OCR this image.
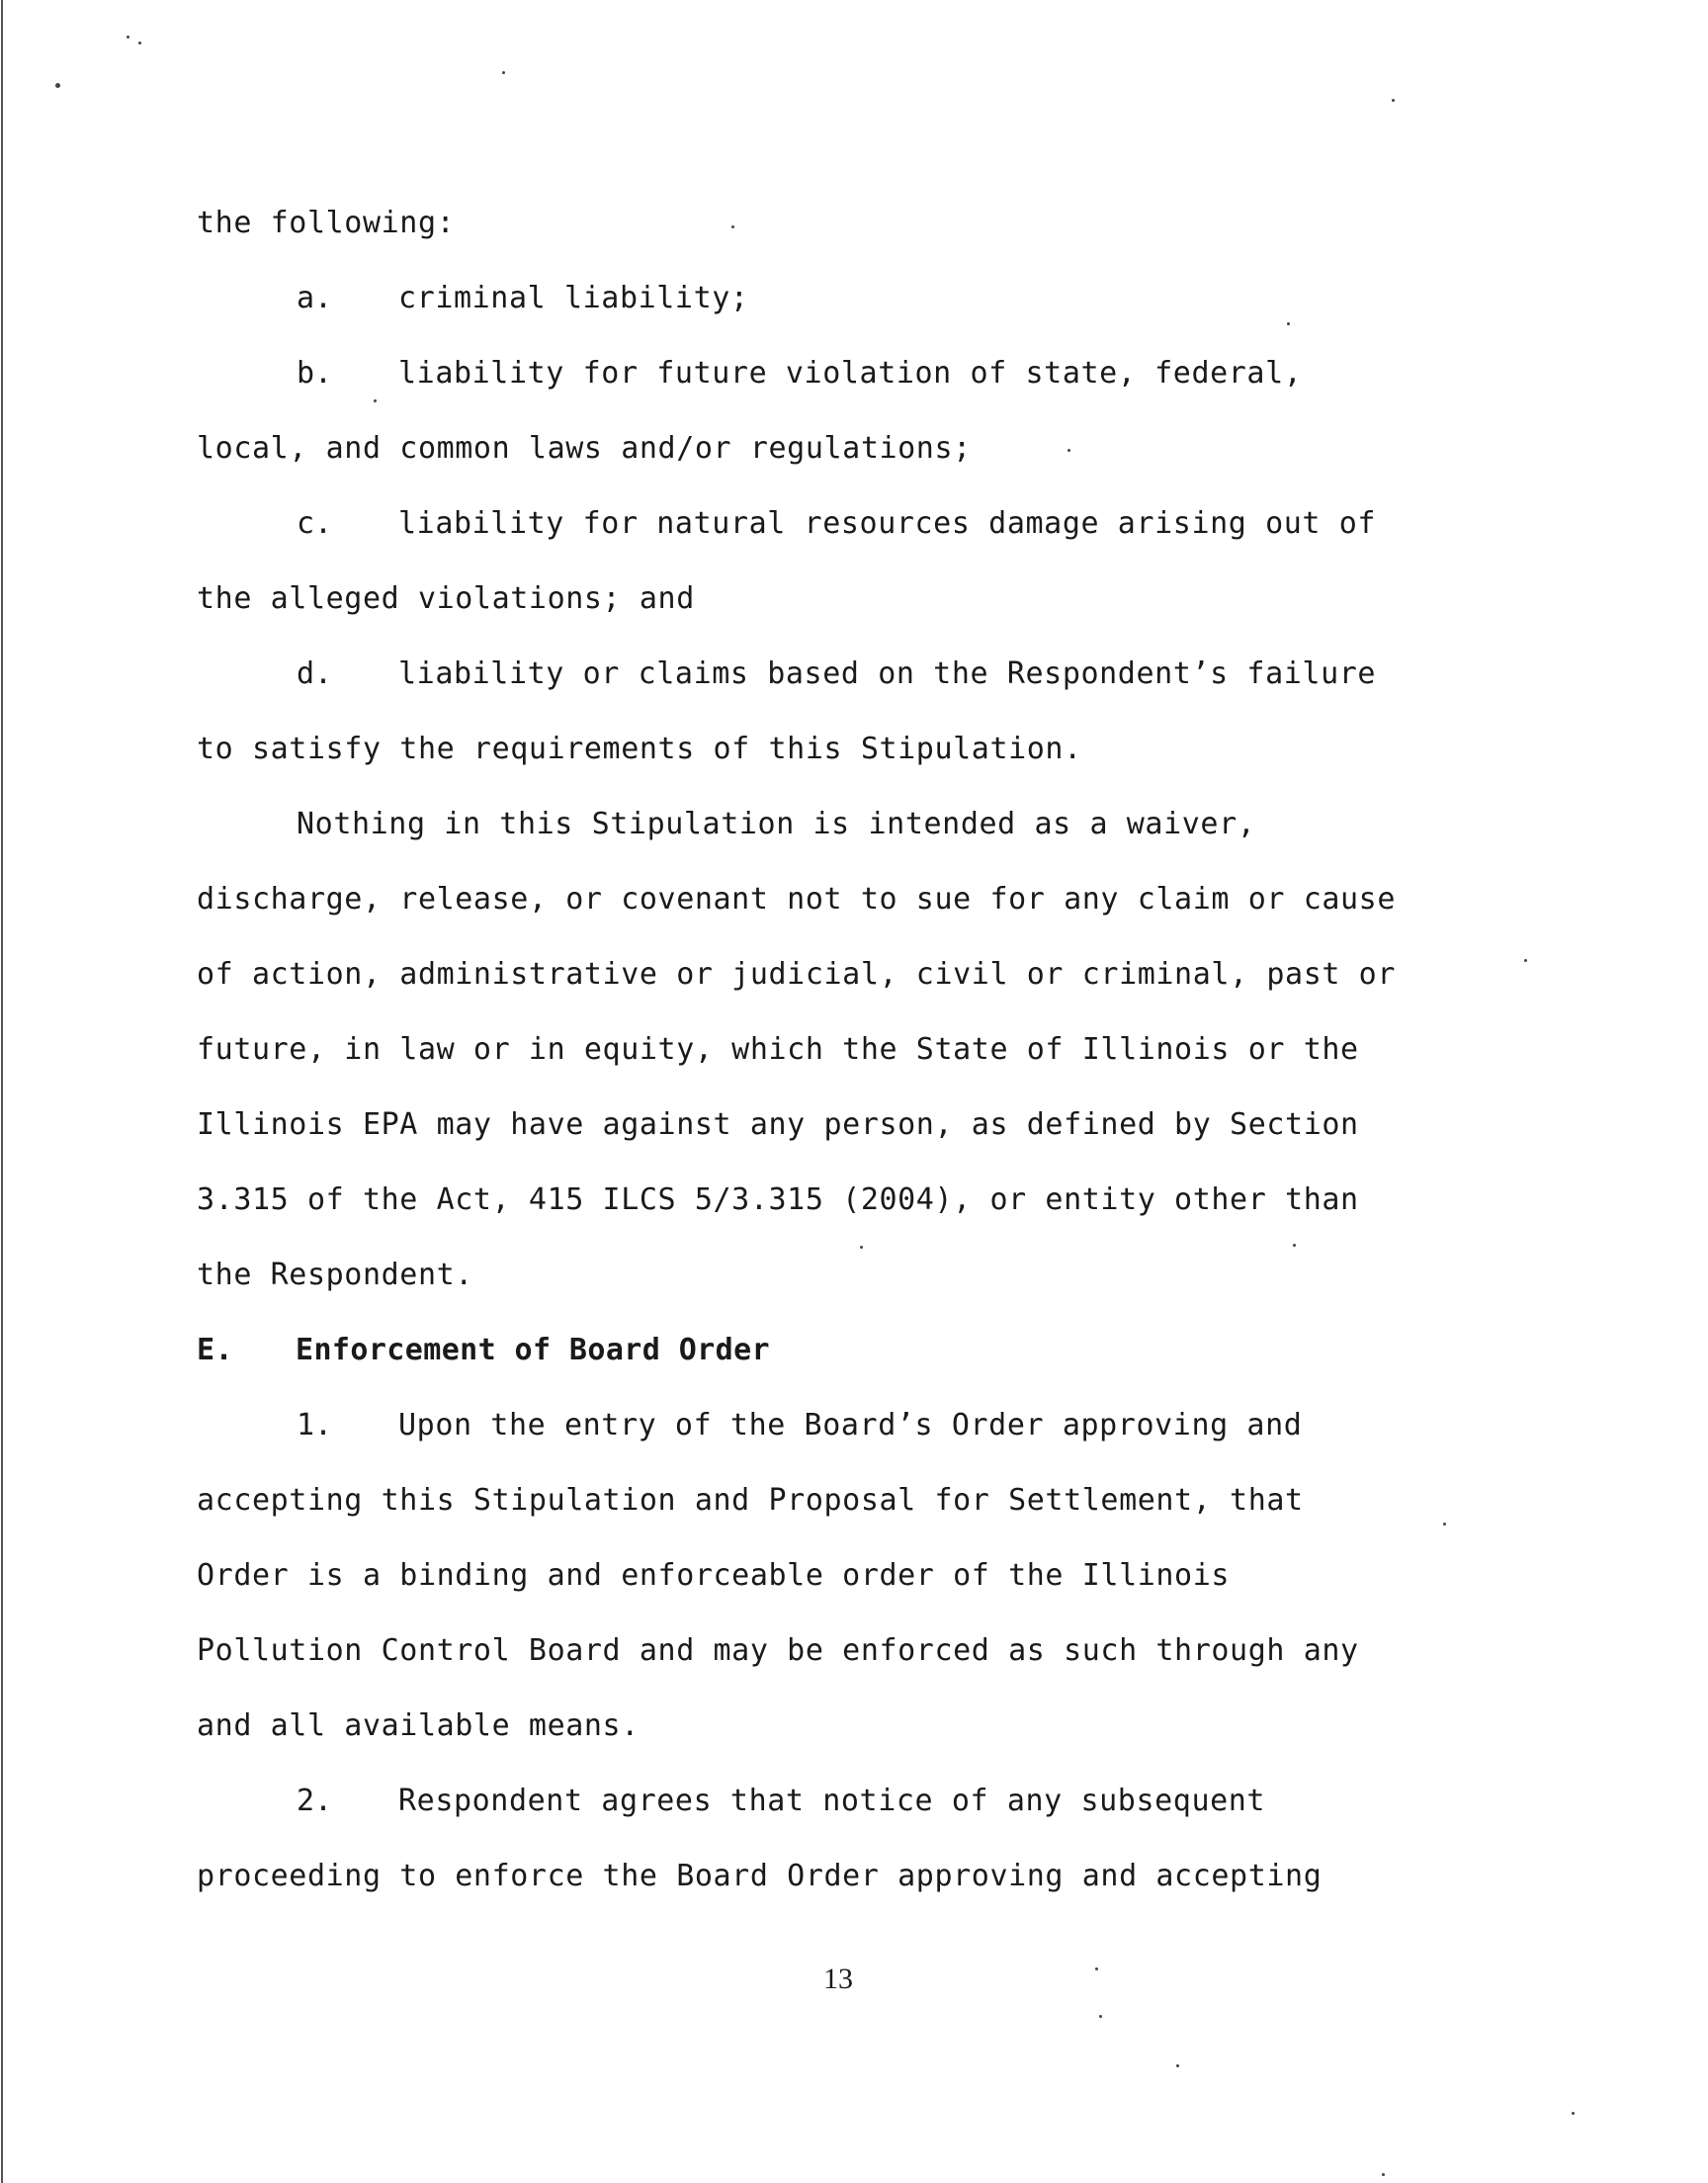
the following:
a. criminal liability;
b. liability for future violation of state, federal,
local, and common laws and/or regulations;
c. liability for natural resources damage arising out of
the alleged violations; and
d. liability or claims based on the Respondent’s failure
to satisfy the requirements of this Stipulation.
Nothing in this Stipulation is intended as a waiver,
discharge, release, or covenant not to sue for any claim or cause
of action, administrative or judicial, civil or criminal, past or
future, in law or in equity, which the State of Illinois or the
Illinois EPA may have against any person, as defined by Section
3.315 of the Act, 415 ILCS 5/3.315 (2004), or entity other than
the Respondent.
E. Enforcement of Board Order
1. Upon the entry of the Board’s Order approving and
accepting this Stipulation and Proposal for Settlement, that
Order is a binding and enforceable order of the Illinois
Pollution Control Board and may be enforced as such through any
and all available means.
2. Respondent agrees that notice of any subsequent
proceeding to enforce the Board Order approving and accepting
13
